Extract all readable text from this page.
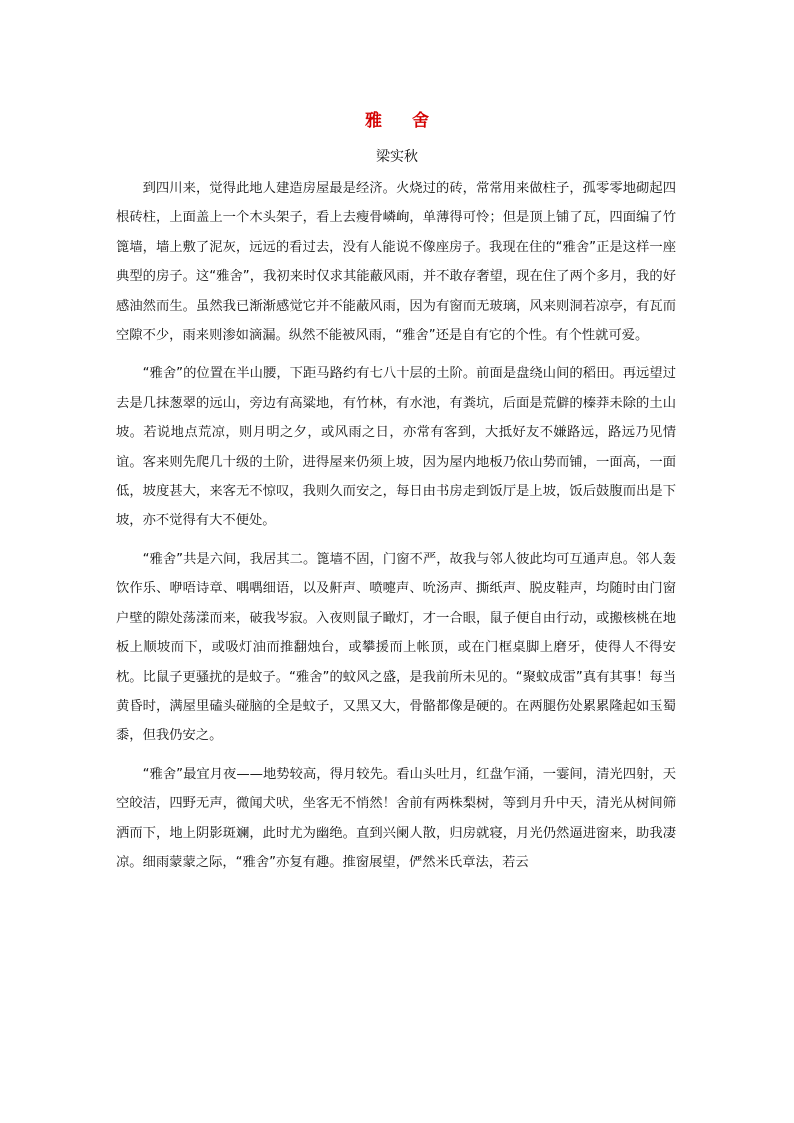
雅 舍

梁实秋

到四川来，觉得此地人建造房屋最是经济。火烧过的砖，常常用来做柱子，孤零零地砌起四根砖柱，上面盖上一个木头架子，看上去瘦骨嶙峋，单薄得可怜；但是顶上铺了瓦，四面编了竹篦墙，墙上敷了泥灰，远远的看过去，没有人能说不像座房子。我现在住的“雅舍”正是这样一座典型的房子。这“雅舍”，我初来时仅求其能蔽风雨，并不敢存奢望，现在住了两个多月，我的好感油然而生。虽然我已渐渐感觉它并不能蔽风雨，因为有窗而无玻璃，风来则洞若凉亭，有瓦而空隙不少，雨来则渗如滴漏。纵然不能被风雨，“雅舍”还是自有它的个性。有个性就可爱。

“雅舍”的位置在半山腰，下距马路约有七八十层的土阶。前面是盘绕山间的稻田。再远望过去是几抹葱翠的远山，旁边有高粱地，有竹林，有水池，有粪坑，后面是荒僻的榛莽未除的土山坡。若说地点荒凉，则月明之夕，或风雨之日，亦常有客到，大抵好友不嫌路远，路远乃见情谊。客来则先爬几十级的土阶，进得屋来仍须上坡，因为屋内地板乃依山势而铺，一面高，一面低，坡度甚大，来客无不惊叹，我则久而安之，每日由书房走到饭厅是上坡，饭后鼓腹而出是下坡，亦不觉得有大不便处。

“雅舍”共是六间，我居其二。篦墙不固，门窗不严，故我与邻人彼此均可互通声息。邻人轰饮作乐、咿唔诗章、喁喁细语，以及鼾声、喷嚏声、吮汤声、撕纸声、脱皮鞋声，均随时由门窗户壁的隙处荡漾而来，破我岑寂。入夜则鼠子瞰灯，才一合眼，鼠子便自由行动，或搬核桃在地板上顺坡而下，或吸灯油而推翻烛台，或攀援而上帐顶，或在门框桌脚上磨牙，使得人不得安枕。比鼠子更骚扰的是蚊子。“雅舍”的蚊风之盛，是我前所未见的。“聚蚊成雷”真有其事！每当黄昏时，满屋里磕头碰脑的全是蚊子，又黑又大，骨骼都像是硬的。在两腿伤处累累隆起如玉蜀黍，但我仍安之。

“雅舍”最宜月夜——地势较高，得月较先。看山头吐月，红盘乍涌，一霎间，清光四射，天空皎洁，四野无声，微闻犬吠，坐客无不悄然！舍前有两株梨树，等到月升中天，清光从树间筛洒而下，地上阴影斑斓，此时尤为幽绝。直到兴阑人散，归房就寝，月光仍然逼进窗来，助我凄凉。细雨蒙蒙之际，“雅舍”亦复有趣。推窗展望，俨然米氏章法，若云
